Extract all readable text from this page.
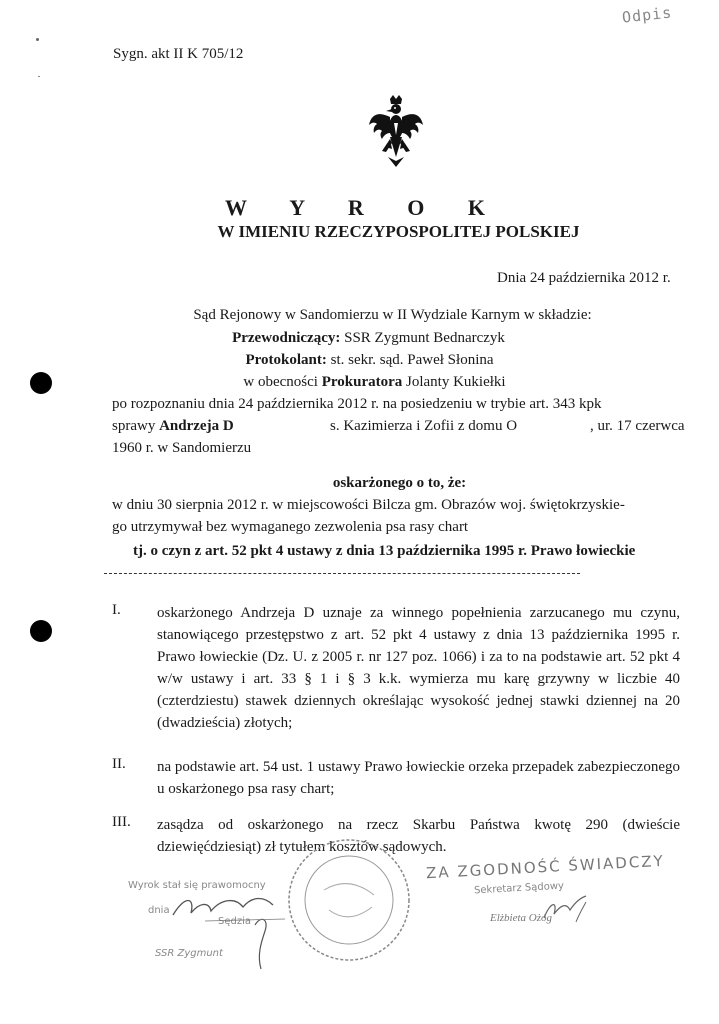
Odpis
Sygn. akt II K 705/12
W Y R O K
W IMIENIU RZECZYPOSPOLITEJ POLSKIEJ
Dnia 24 października 2012 r.
Sąd Rejonowy w Sandomierzu w II Wydziale Karnym w składzie:
Przewodniczący: SSR Zygmunt Bednarczyk
Protokolant: st. sekr. sąd. Paweł Słonina
w obecności Prokuratora Jolanty Kukiełki
po rozpoznaniu dnia 24 października 2012 r. na posiedzeniu w trybie art. 343 kpk
sprawy Andrzeja D	s. Kazimierza i Zofii z domu O	, ur. 17 czerwca
1960 r. w Sandomierzu
oskarżonego o to, że:
w dniu 30 sierpnia 2012 r. w miejscowości Bilcza gm. Obrazów woj. świętokrzyskie-
go utrzymywał bez wymaganego zezwolenia psa rasy chart
tj. o czyn z art. 52 pkt 4 ustawy z dnia 13 października 1995 r. Prawo łowieckie
I. oskarżonego Andrzeja D uznaje za winnego popełnienia zarzucanego mu czynu, stanowiącego przestępstwo z art. 52 pkt 4 ustawy z dnia 13 października 1995 r. Prawo łowieckie (Dz. U. z 2005 r. nr 127 poz. 1066) i za to na podstawie art. 52 pkt 4 w/w ustawy i art. 33 § 1 i § 3 k.k. wymierza mu karę grzywny w liczbie 40 (czterdziestu) stawek dziennych określając wysokość jednej stawki dziennej na 20 (dwadzieścia) złotych;
II. na podstawie art. 54 ust. 1 ustawy Prawo łowieckie orzeka przepadek zabezpieczonego u oskarżonego psa rasy chart;
III. zasądza od oskarżonego na rzecz Skarbu Państwa kwotę 290 (dwieście dziewięćdziesiąt) zł tytułem kosztów sądowych.
ZA ZGODNOŚĆ ŚWIADCZY
Sekretarz Sądowy
Elżbieta Ożóg
Wyrok stał się prawomocny
dnia
Sędzia
SSR Zygmunt
